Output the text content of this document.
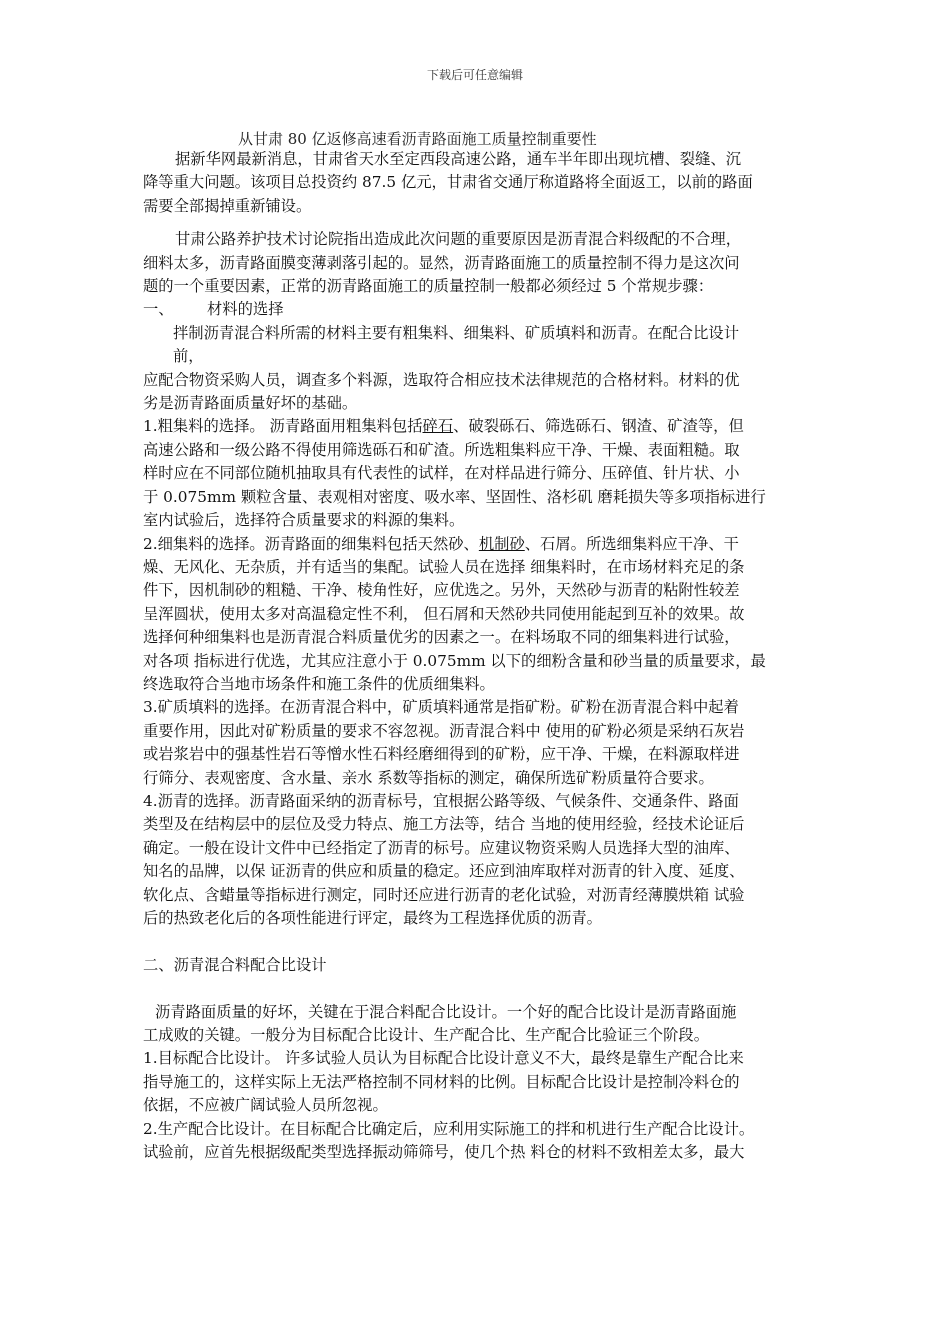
下载后可任意编辑
从甘肃 80 亿返修高速看沥青路面施工质量控制重要性

据新华网最新消息，甘肃省天水至定西段高速公路，通车半年即出现坑槽、裂缝、沉

降等重大问题。该项目总投资约 87.5 亿元，甘肃省交通厅称道路将全面返工，以前的路面

需要全部揭掉重新铺设。

甘肃公路养护技术讨论院指出造成此次问题的重要原因是沥青混合料级配的不合理，

细料太多，沥青路面膜变薄剥落引起的。显然，沥青路面施工的质量控制不得力是这次问

题的一个重要因素，正常的沥青路面施工的质量控制一般都必须经过 5 个常规步骤：

一、 材料的选择

拌制沥青混合料所需的材料主要有粗集料、细集料、矿质填料和沥青。在配合比设计

前，

应配合物资采购人员，调查多个料源，选取符合相应技术法律规范的合格材料。材料的优

劣是沥青路面质量好坏的基础。

1.粗集料的选择。 沥青路面用粗集料包括碎石、破裂砾石、筛选砾石、钢渣、矿渣等，但

高速公路和一级公路不得使用筛选砾石和矿渣。所选粗集料应干净、干燥、表面粗糙。取

样时应在不同部位随机抽取具有代表性的试样，在对样品进行筛分、压碎值、针片状、小

于 0.075mm 颗粒含量、表观相对密度、吸水率、坚固性、洛杉矶 磨耗损失等多项指标进行

室内试验后，选择符合质量要求的料源的集料。

2.细集料的选择。沥青路面的细集料包括天然砂、机制砂、石屑。所选细集料应干净、干

燥、无风化、无杂质，并有适当的集配。试验人员在选择 细集料时，在市场材料充足的条

件下，因机制砂的粗糙、干净、棱角性好，应优选之。另外，天然砂与沥青的粘附性较差

呈浑圆状，使用太多对高温稳定性不利， 但石屑和天然砂共同使用能起到互补的效果。故

选择何种细集料也是沥青混合料质量优劣的因素之一。在料场取不同的细集料进行试验，

对各项 指标进行优选，尤其应注意小于 0.075mm 以下的细粉含量和砂当量的质量要求，最

终选取符合当地市场条件和施工条件的优质细集料。

3.矿质填料的选择。在沥青混合料中，矿质填料通常是指矿粉。矿粉在沥青混合料中起着

重要作用，因此对矿粉质量的要求不容忽视。沥青混合料中 使用的矿粉必须是采纳石灰岩

或岩浆岩中的强基性岩石等憎水性石料经磨细得到的矿粉，应干净、干燥，在料源取样进

行筛分、表观密度、含水量、亲水 系数等指标的测定，确保所选矿粉质量符合要求。

4.沥青的选择。沥青路面采纳的沥青标号，宜根据公路等级、气候条件、交通条件、路面

类型及在结构层中的层位及受力特点、施工方法等，结合 当地的使用经验，经技术论证后

确定。一般在设计文件中已经指定了沥青的标号。应建议物资采购人员选择大型的油库、

知名的品牌，以保 证沥青的供应和质量的稳定。还应到油库取样对沥青的针入度、延度、

软化点、含蜡量等指标进行测定，同时还应进行沥青的老化试验，对沥青经薄膜烘箱 试验

后的热致老化后的各项性能进行评定，最终为工程选择优质的沥青。

二、沥青混合料配合比设计

沥青路面质量的好坏，关键在于混合料配合比设计。一个好的配合比设计是沥青路面施

工成败的关键。一般分为目标配合比设计、生产配合比、生产配合比验证三个阶段。

1.目标配合比设计。 许多试验人员认为目标配合比设计意义不大，最终是靠生产配合比来

指导施工的，这样实际上无法严格控制不同材料的比例。目标配合比设计是控制冷料仓的

依据，不应被广阔试验人员所忽视。

2.生产配合比设计。在目标配合比确定后，应利用实际施工的拌和机进行生产配合比设计。

试验前，应首先根据级配类型选择振动筛筛号，使几个热 料仓的材料不致相差太多，最大
